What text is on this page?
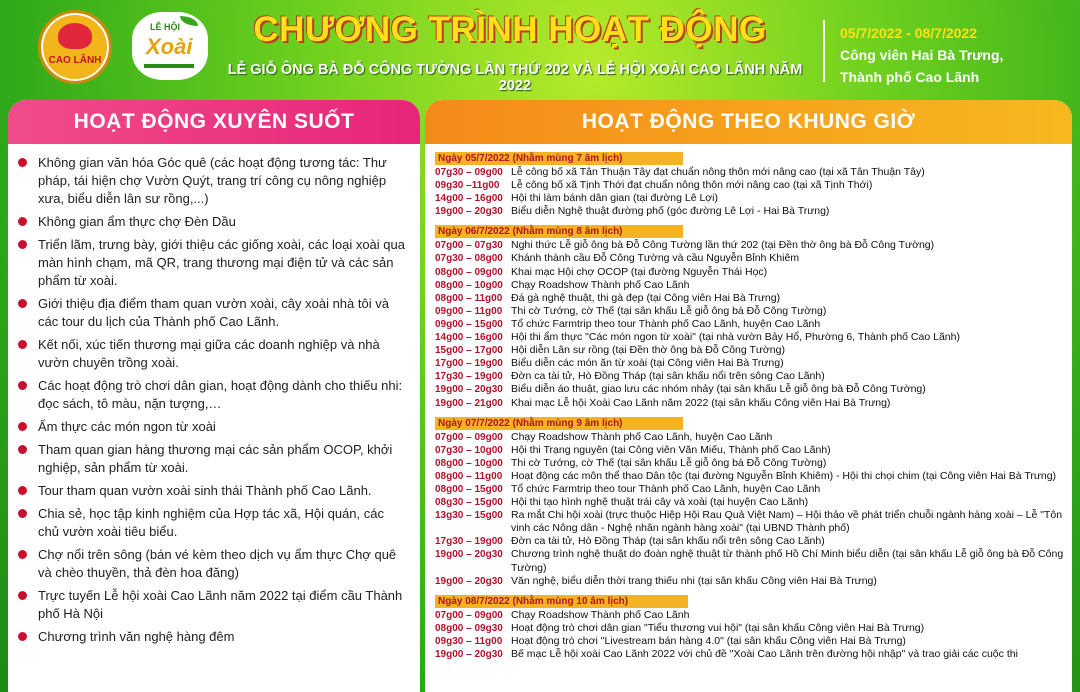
CAO LÃNH
LỄ HỘI
Xoài	CHƯƠNG TRÌNH HOẠT ĐỘNG
LỄ GIỖ ÔNG BÀ ĐỖ CÔNG TƯỜNG LẦN THỨ 202 VÀ LỄ HỘI XOÀI CAO LÃNH NĂM 2022
05/7/2022 - 08/7/2022
Công viên Hai Bà Trưng,
Thành phố Cao Lãnh
HOẠT ĐỘNG XUYÊN SUỐT
Không gian văn hóa Góc quê (các hoạt động tương tác: Thư pháp, tái hiện chợ Vườn Quýt, trang trí công cụ nông nghiệp xưa, biểu diễn lân sư rồng,...)
Không gian ẩm thực chợ Đèn Dầu
Triển lãm, trưng bày, giới thiệu các giống xoài, các loại xoài qua màn hình chạm, mã QR, trang thương mại điện tử và các sản phẩm từ xoài.
Giới thiệu địa điểm tham quan vườn xoài, cây xoài nhà tôi và các tour du lịch của Thành phố Cao Lãnh.
Kết nối, xúc tiến thương mại giữa các doanh nghiệp và nhà vườn chuyên trồng xoài.
Các hoạt động trò chơi dân gian, hoạt động dành cho thiếu nhi: đọc sách, tô màu, nặn tượng,…
Ẩm thực các món ngon từ xoài
Tham quan gian hàng thương mại các sản phẩm OCOP, khởi nghiệp, sản phẩm từ xoài.
Tour tham quan vườn xoài sinh thái Thành phố Cao Lãnh.
Chia sẻ, học tập kinh nghiệm của Hợp tác xã, Hội quán, các chủ vườn xoài tiêu biểu.
Chợ nổi trên sông (bán vé kèm theo dịch vụ ẩm thực Chợ quê và chèo thuyền, thả đèn hoa đăng)
Trực tuyến Lễ hội xoài Cao Lãnh năm 2022 tại điểm cầu Thành phố Hà Nội
Chương trình văn nghệ hàng đêm
HOẠT ĐỘNG THEO KHUNG GIỜ
Ngày 05/7/2022 (Nhằm mùng 7 âm lịch)
07g30 – 09g00 Lễ công bố xã Tân Thuận Tây đạt chuẩn nông thôn mới nâng cao (tại xã Tân Thuận Tây)
09g30 –11g00	Lễ công bố xã Tịnh Thới đạt chuẩn nông thôn mới nâng cao (tại xã Tịnh Thới)
14g00 – 16g00 Hội thi làm bánh dân gian (tại đường Lê Lợi)
19g00 – 20g30 Biểu diễn Nghệ thuật đường phố (góc đường Lê Lợi - Hai Bà Trưng)
Ngày 06/7/2022 (Nhằm mùng 8 âm lịch)
07g00 – 07g30 Nghi thức Lễ giỗ ông bà Đỗ Công Tường lần thứ 202 (tại Đền thờ ông bà Đỗ Công Tường)
07g30 – 08g00 Khánh thành cầu Đỗ Công Tường và cầu Nguyễn Bỉnh Khiêm
08g00 – 09g00 Khai mạc Hội chợ OCOP (tại đường Nguyễn Thái Học)
08g00 – 10g00 Chạy Roadshow Thành phố Cao Lãnh
08g00 – 11g00 Đá gà nghệ thuật, thi gà đẹp (tại Công viên Hai Bà Trưng)
09g00 – 11g00 Thi cờ Tướng, cờ Thế (tại sân khấu Lễ giỗ ông bà Đỗ Công Tường)
09g00 – 15g00 Tổ chức Farmtrip theo tour Thành phố Cao Lãnh, huyện Cao Lãnh
14g00 – 16g00 Hội thi ẩm thực "Các món ngon từ xoài" (tại nhà vườn Bảy Hổ, Phường 6, Thành phố Cao Lãnh)
15g00 – 17g00 Hội diễn Lân sư rồng (tại Đền thờ ông bà Đỗ Công Tường)
17g00 – 19g00 Biểu diễn các món ăn từ xoài (tại Công viên Hai Bà Trưng)
17g30 – 19g00 Đờn ca tài tử, Hò Đồng Tháp (tại sân khấu nổi trên sông Cao Lãnh)
19g00 – 20g30 Biểu diễn áo thuật, giao lưu các nhóm nhảy (tại sân khấu Lễ giỗ ông bà Đỗ Công Tường)
19g00 – 21g00 Khai mạc Lễ hội Xoài Cao Lãnh năm 2022 (tại sân khấu Công viên Hai Bà Trưng)
Ngày 07/7/2022 (Nhằm mùng 9 âm lịch)
07g00 – 09g00 Chạy Roadshow Thành phố Cao Lãnh, huyện Cao Lãnh
07g30 – 10g00 Hội thi Trạng nguyên (tại Công viên Văn Miếu, Thành phố Cao Lãnh)
08g00 – 10g00 Thi cờ Tướng, cờ Thế (tại sân khấu Lễ giỗ ông bà Đỗ Công Tường)
08g00 – 11g00 Hoạt động các môn thể thao Dân tộc (tại đường Nguyễn Bỉnh Khiêm) - Hội thi chọi chim (tại Công viên Hai Bà Trưng)
08g00 – 15g00 Tổ chức Farmtrip theo tour Thành phố Cao Lãnh, huyện Cao Lãnh
08g30 – 15g00 Hội thi tạo hình nghệ thuật trái cây và xoài (tại huyện Cao Lãnh)
13g30 – 15g00 Ra mắt Chi hội xoài (trực thuộc Hiệp Hội Rau Quả Việt Nam) – Hội thảo về phát triển chuỗi ngành hàng xoài – Lễ "Tôn vinh các Nông dân - Nghệ nhân ngành hàng xoài" (tại UBND Thành phố)
17g30 – 19g00 Đờn ca tài tử, Hò Đồng Tháp (tại sân khấu nổi trên sông Cao Lãnh)
19g00 – 20g30 Chương trình nghệ thuật do đoàn nghệ thuật từ thành phố Hồ Chí Minh biểu diễn (tại sân khấu Lễ giỗ ông bà Đỗ Công Tường)
19g00 – 20g30 Văn nghệ, biểu diễn thời trang thiếu nhi (tại sân khấu Công viên Hai Bà Trưng)
Ngày 08/7/2022 (Nhằm mùng 10 âm lịch)
07g00 – 09g00 Chạy Roadshow Thành phố Cao Lãnh
08g00 – 09g30 Hoạt động trò chơi dân gian "Tiểu thương vui hội" (tại sân khấu Công viên Hai Bà Trưng)
09g30 – 11g00 Hoạt động trò chơi "Livestream bán hàng 4.0" (tại sân khấu Công viên Hai Bà Trưng)
19g00 – 20g30 Bế mạc Lễ hội xoài Cao Lãnh 2022 với chủ đề "Xoài Cao Lãnh trên đường hội nhập" và trao giải các cuộc thi
